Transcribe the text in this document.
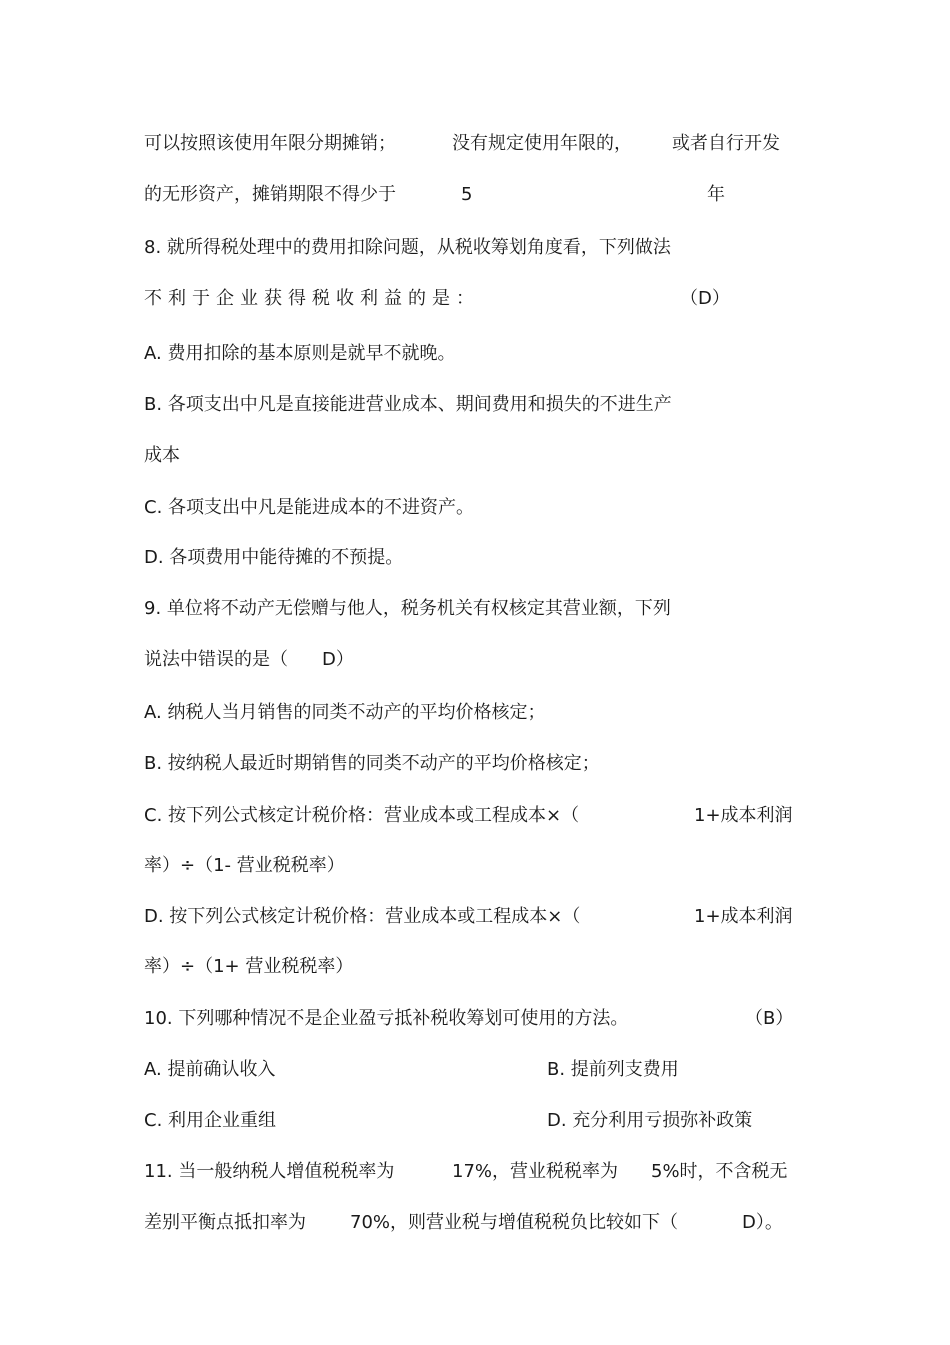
可以按照该使用年限分期摊销；	没有规定使用年限的， 或者自行开发
的无形资产，摊销期限不得少于	5	年
8. 就所得税处理中的费用扣除问题，从税收筹划角度看，下列做法
不利于企业获得税收利益的是：	（D）
A. 费用扣除的基本原则是就早不就晚。
B. 各项支出中凡是直接能进营业成本、期间费用和损失的不进生产
成本
C. 各项支出中凡是能进成本的不进资产。
D. 各项费用中能待摊的不预提。
9. 单位将不动产无偿赠与他人，税务机关有权核定其营业额，下列
说法中错误的是（ D）
A. 纳税人当月销售的同类不动产的平均价格核定；
B. 按纳税人最近时期销售的同类不动产的平均价格核定；
C. 按下列公式核定计税价格：营业成本或工程成本×（	1+成本利润
率）÷（1- 营业税税率）
D. 按下列公式核定计税价格：营业成本或工程成本×（	1+成本利润
率）÷（1+ 营业税税率）
10. 下列哪种情况不是企业盈亏抵补税收筹划可使用的方法。	（B）
A. 提前确认收入	B. 提前列支费用
C. 利用企业重组	D. 充分利用亏损弥补政策
11. 当一般纳税人增值税税率为	17%，营业税税率为 5%时，不含税无
差别平衡点抵扣率为 70%，则营业税与增值税税负比较如下（	D）。
